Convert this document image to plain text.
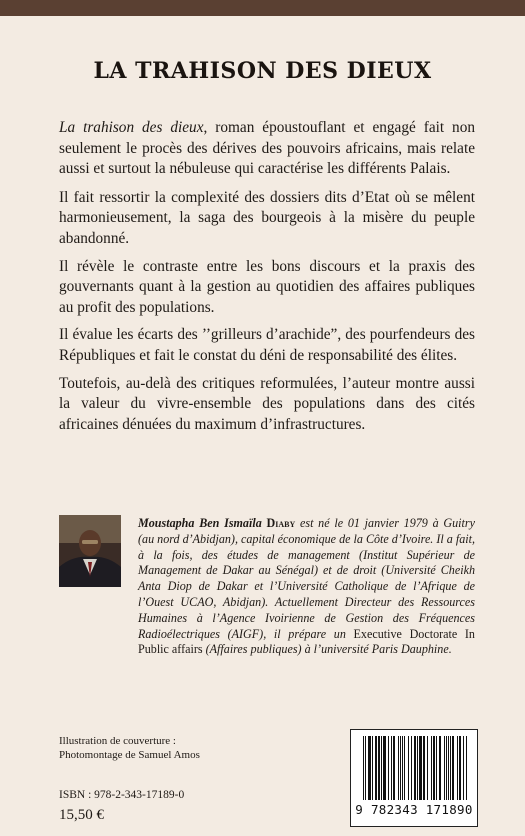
LA TRAHISON DES DIEUX

La trahison des dieux, roman époustouflant et engagé fait non seulement le procès des dérives des pouvoirs africains, mais relate aussi et surtout la nébuleuse qui caractérise les différents Palais.

Il fait ressortir la complexité des dossiers dits d’Etat où se mêlent harmonieusement, la saga des bourgeois à la misère du peuple abandonné.

Il révèle le contraste entre les bons discours et la praxis des gouvernants quant à la gestion au quotidien des affaires publiques au profit des populations.

Il évalue les écarts des ’’grilleurs d’arachide”, des pourfendeurs des Républiques et fait le constat du déni de responsabilité des élites.

Toutefois, au-delà des critiques reformulées, l’auteur montre aussi la valeur du vivre-ensemble des populations dans des cités africaines dénuées du maximum d’infrastructures.

Moustapha Ben Ismaïla Diaby est né le 01 janvier 1979 à Guitry (au nord d’Abidjan), capital économique de la Côte d’Ivoire. Il a fait, à la fois, des études de management (Institut Supérieur de Management de Dakar au Sénégal) et de droit (Université Cheikh Anta Diop de Dakar et l’Université Catholique de l’Afrique de l’Ouest UCAO, Abidjan). Actuellement Directeur des Ressources Humaines à l’Agence Ivoirienne de Gestion des Fréquences Radioélectriques (AIGF), il prépare un Executive Doctorate In Public affairs (Affaires publiques) à l’université Paris Dauphine.
Illustration de couverture :
Photomontage de Samuel Amos
ISBN : 978-2-343-17189-0
15,50 €	9 782343 171890
